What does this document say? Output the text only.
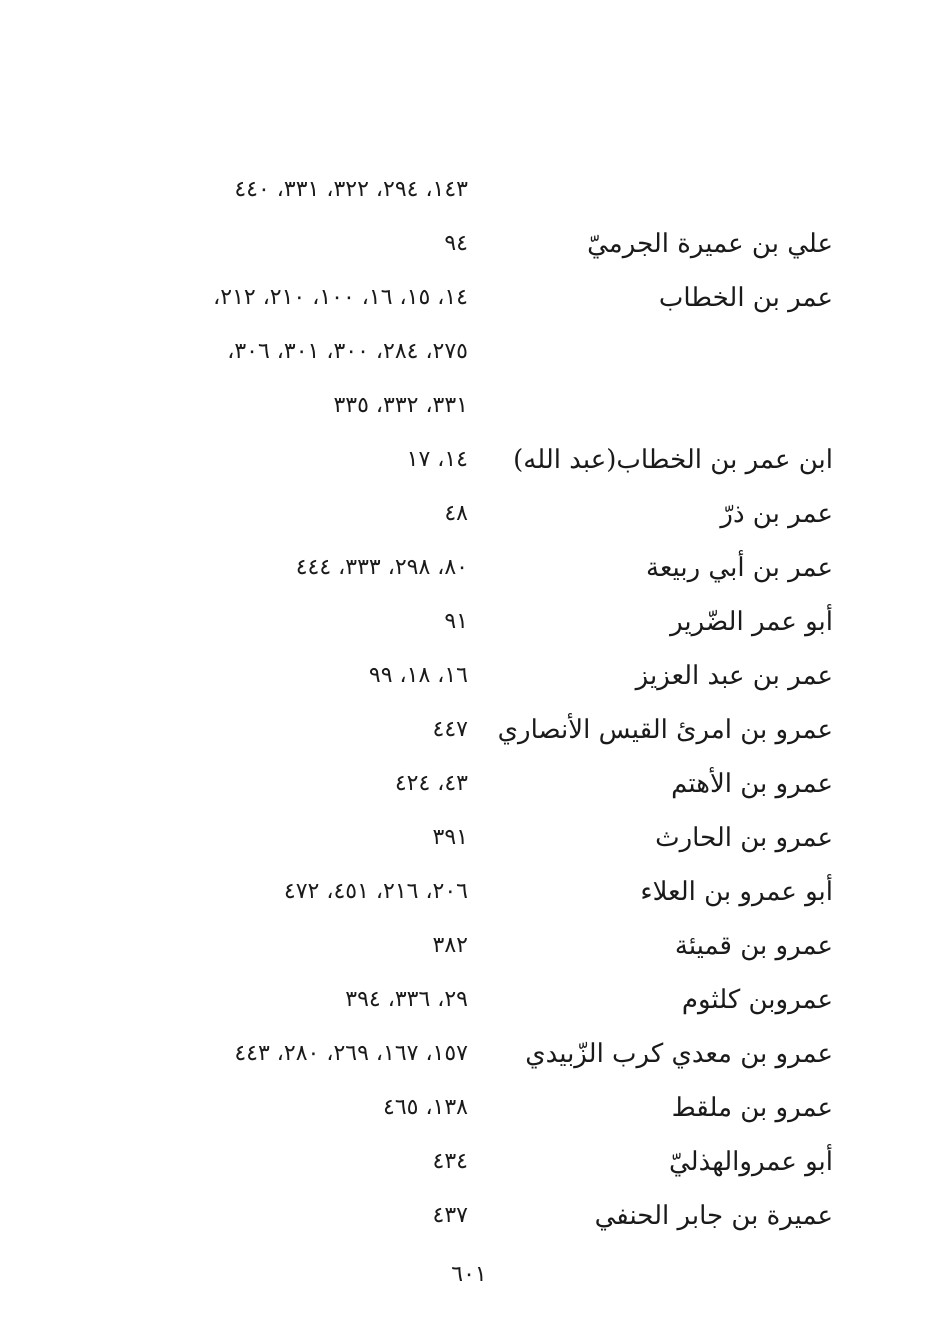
١٤٣، ٢٩٤، ٣٢٢، ٣٣١، ٤٤٠
علي بن عميرة الجرميّ
٩٤
عمر بن الخطاب
١٤، ١٥، ١٦، ١٠٠، ٢١٠، ٢١٢،
٢٧٥، ٢٨٤، ٣٠٠، ٣٠١، ٣٠٦،
٣٣١، ٣٣٢، ٣٣٥
ابن عمر بن الخطاب(عبد الله)
١٤، ١٧
عمر بن ذرّ
٤٨
عمر بن أبي ربيعة
٨٠، ٢٩٨، ٣٣٣، ٤٤٤
أبو عمر الضّرير
٩١
عمر بن عبد العزيز
١٦، ١٨، ٩٩
عمرو بن امرئ القيس الأنصاري
٤٤٧
عمرو بن الأهتم
٤٣، ٤٢٤
عمرو بن الحارث
٣٩١
أبو عمرو بن العلاء
٢٠٦، ٢١٦، ٤٥١، ٤٧٢
عمرو بن قميئة
٣٨٢
عمروبن كلثوم
٢٩، ٣٣٦، ٣٩٤
عمرو بن معدي كرب الزّبيدي
١٥٧، ١٦٧، ٢٦٩، ٢٨٠، ٤٤٣
عمرو بن ملقط
١٣٨، ٤٦٥
أبو عمروالهذليّ
٤٣٤
عميرة بن جابر الحنفي
٤٣٧
٦٠١
